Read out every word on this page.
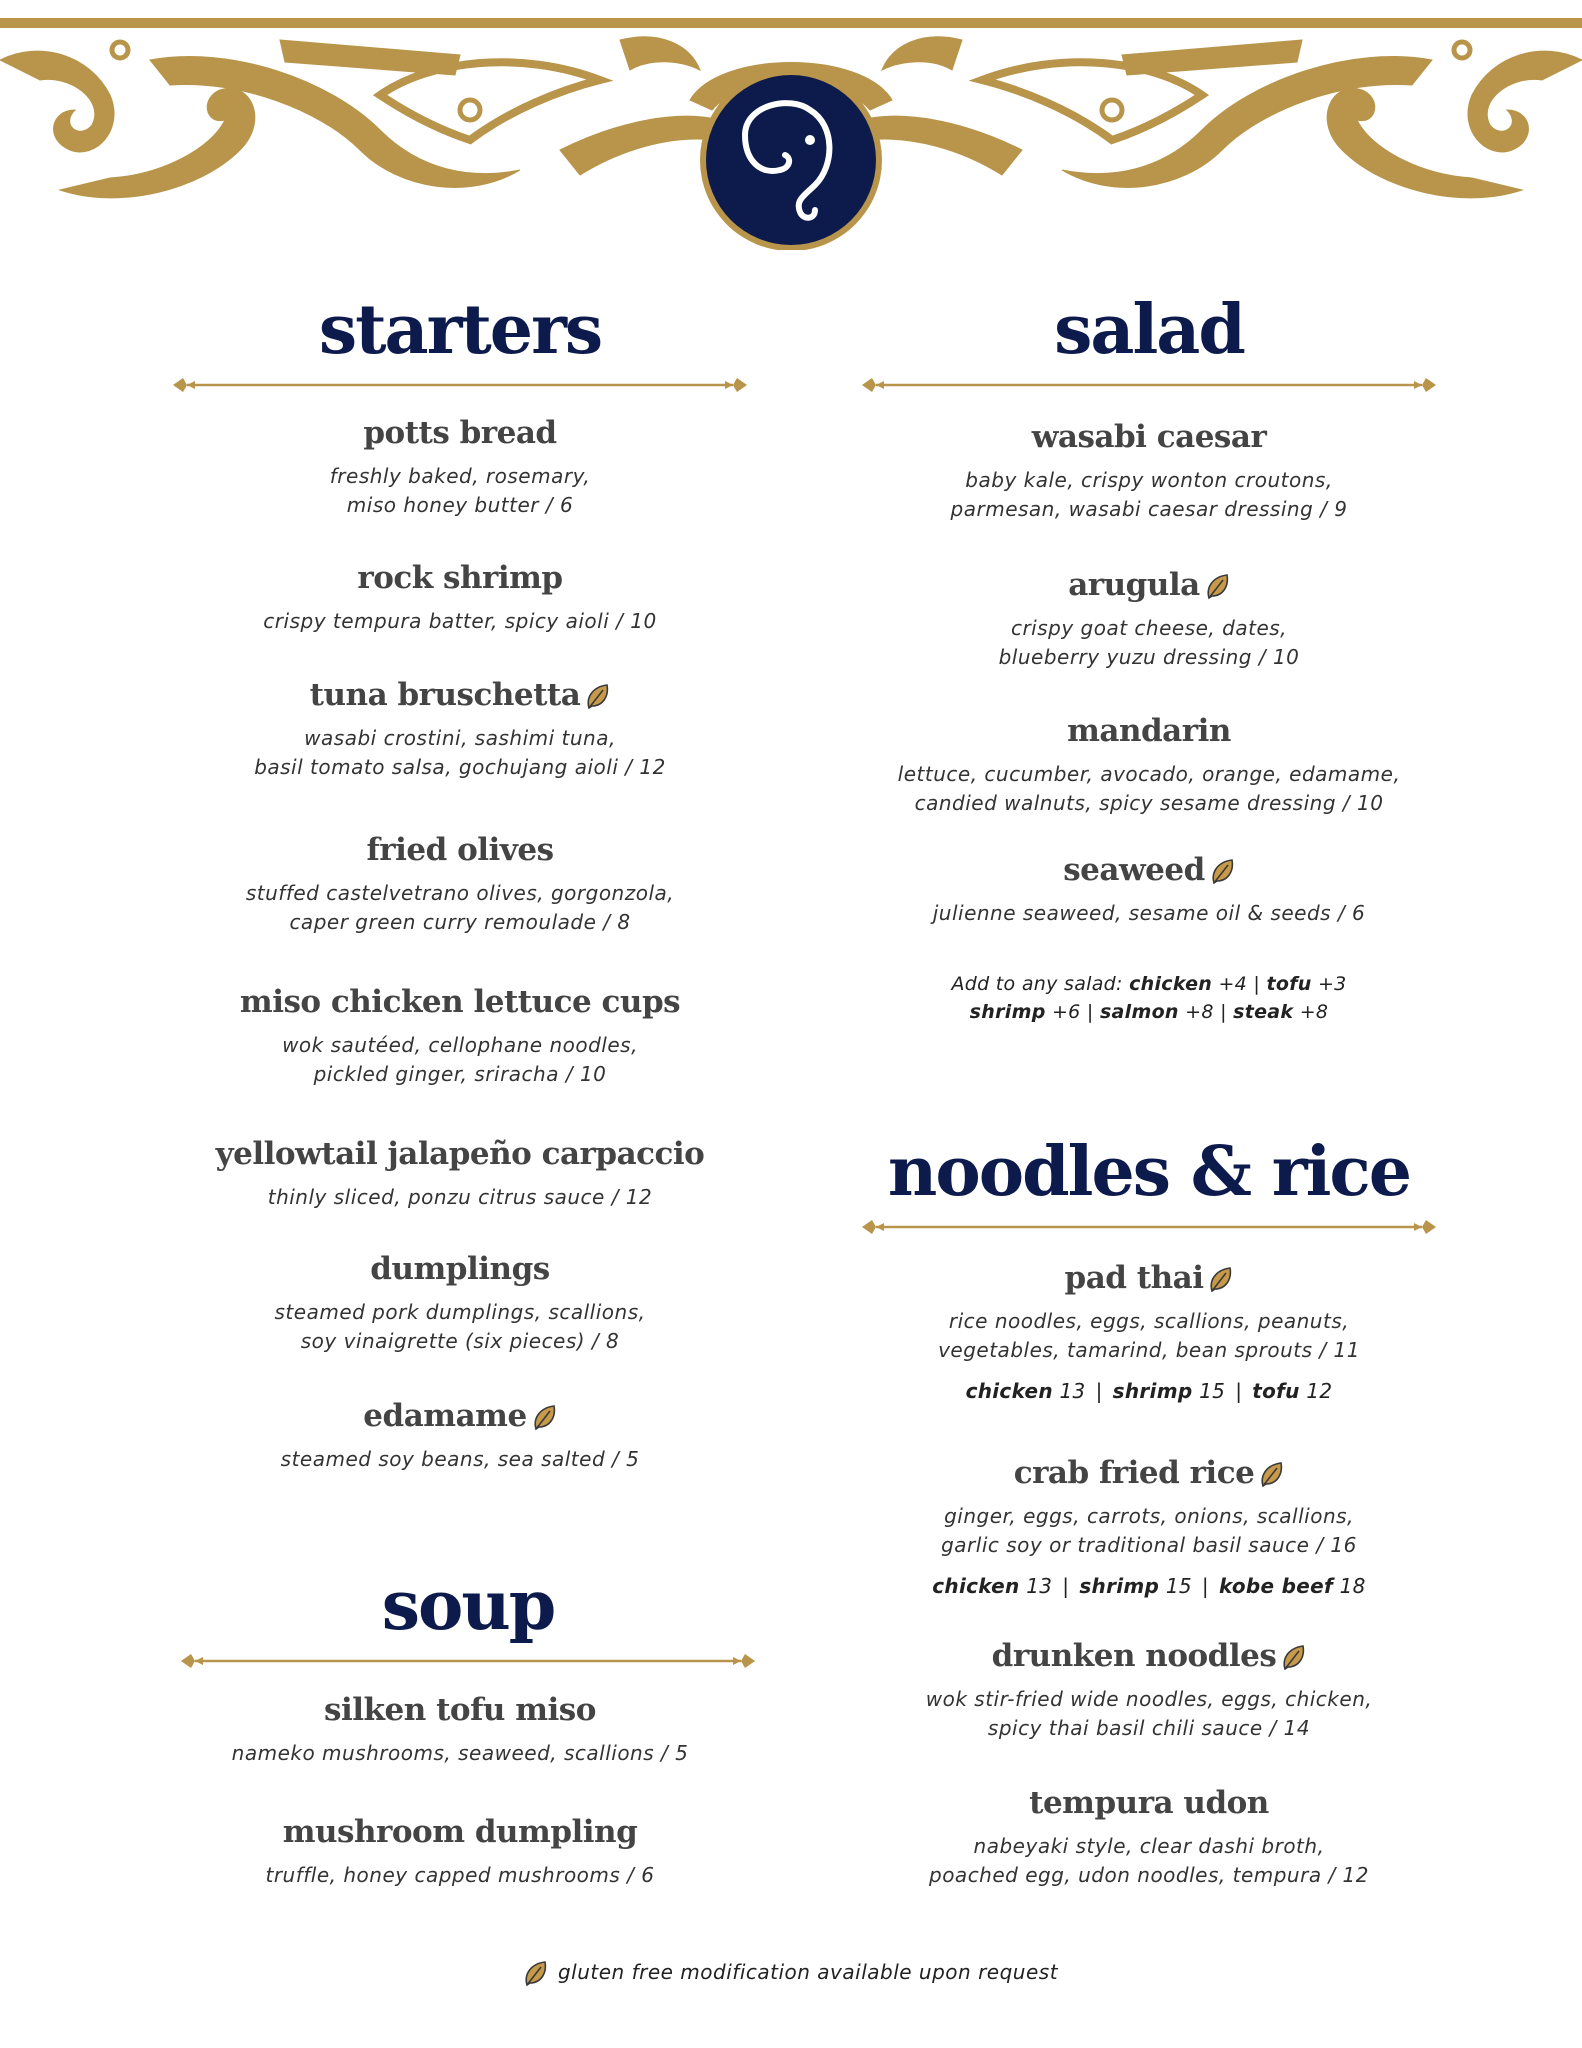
starters
potts bread
freshly baked, rosemary,
miso honey butter / 6
rock shrimp
crispy tempura batter, spicy aioli / 10
tuna bruschetta
wasabi crostini, sashimi tuna,
basil tomato salsa, gochujang aioli / 12
fried olives
stuffed castelvetrano olives, gorgonzola,
caper green curry remoulade / 8
miso chicken lettuce cups
wok sautéed, cellophane noodles,
pickled ginger, sriracha / 10
yellowtail jalapeño carpaccio
thinly sliced, ponzu citrus sauce / 12
dumplings
steamed pork dumplings, scallions,
soy vinaigrette (six pieces) / 8
edamame
steamed soy beans, sea salted / 5
soup
silken tofu miso
nameko mushrooms, seaweed, scallions / 5
mushroom dumpling
truffle, honey capped mushrooms / 6
salad
wasabi caesar
baby kale, crispy wonton croutons,
parmesan, wasabi caesar dressing / 9
arugula
crispy goat cheese, dates,
blueberry yuzu dressing / 10
mandarin
lettuce, cucumber, avocado, orange, edamame,
candied walnuts, spicy sesame dressing / 10
seaweed
julienne seaweed, sesame oil & seeds / 6
Add to any salad: chicken +4 | tofu +3
shrimp +6 | salmon +8 | steak +8
noodles & rice
pad thai
rice noodles, eggs, scallions, peanuts,
vegetables, tamarind, bean sprouts / 11
chicken 13 | shrimp 15 | tofu 12
crab fried rice
ginger, eggs, carrots, onions, scallions,
garlic soy or traditional basil sauce / 16
chicken 13 | shrimp 15 | kobe beef 18
drunken noodles
wok stir-fried wide noodles, eggs, chicken,
spicy thai basil chili sauce / 14
tempura udon
nabeyaki style, clear dashi broth,
poached egg, udon noodles, tempura / 12
gluten free modification available upon request
